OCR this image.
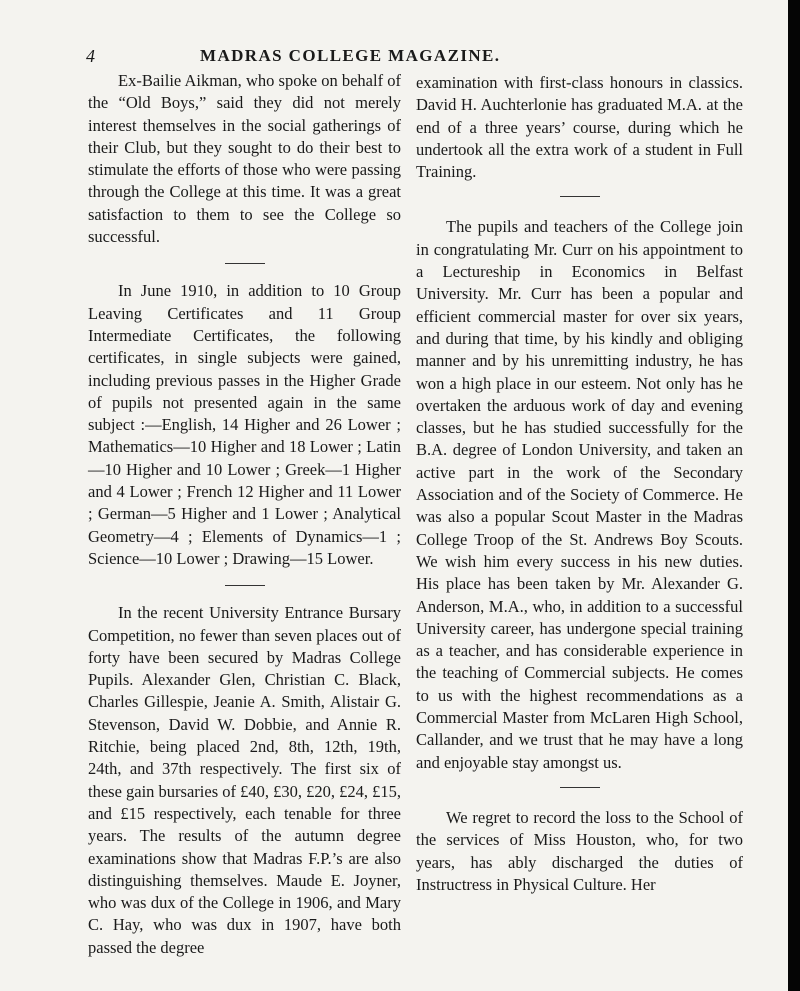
4	MADRAS COLLEGE MAGAZINE.

Ex-Bailie Aikman, who spoke on behalf of the “Old Boys,” said they did not merely interest themselves in the social gatherings of their Club, but they sought to do their best to stimulate the efforts of those who were passing through the College at this time. It was a great satisfaction to them to see the College so successful.

In June 1910, in addition to 10 Group Leaving Certificates and 11 Group Intermediate Certificates, the following certificates, in single subjects were gained, including previous passes in the Higher Grade of pupils not presented again in the same subject :—English, 14 Higher and 26 Lower ; Mathematics—10 Higher and 18 Lower ; Latin—10 Higher and 10 Lower ; Greek—1 Higher and 4 Lower ; French 12 Higher and 11 Lower ; German—5 Higher and 1 Lower ; Analytical Geometry—4 ; Elements of Dynamics—1 ; Science—10 Lower ; Drawing—15 Lower.

In the recent University Entrance Bursary Competition, no fewer than seven places out of forty have been secured by Madras College Pupils. Alexander Glen, Christian C. Black, Charles Gillespie, Jeanie A. Smith, Alistair G. Stevenson, David W. Dobbie, and Annie R. Ritchie, being placed 2nd, 8th, 12th, 19th, 24th, and 37th respectively. The first six of these gain bursaries of £40, £30, £20, £24, £15, and £15 respectively, each tenable for three years. The results of the autumn degree examinations show that Madras F.P.’s are also distinguishing themselves. Maude E. Joyner, who was dux of the College in 1906, and Mary C. Hay, who was dux in 1907, have both passed the degree

examination with first-class honours in classics. David H. Auchterlonie has graduated M.A. at the end of a three years’ course, during which he undertook all the extra work of a student in Full Training.

The pupils and teachers of the College join in congratulating Mr. Curr on his appointment to a Lectureship in Economics in Belfast University. Mr. Curr has been a popular and efficient commercial master for over six years, and during that time, by his kindly and obliging manner and by his unremitting industry, he has won a high place in our esteem. Not only has he overtaken the arduous work of day and evening classes, but he has studied successfully for the B.A. degree of London University, and taken an active part in the work of the Secondary Association and of the Society of Commerce. He was also a popular Scout Master in the Madras College Troop of the St. Andrews Boy Scouts. We wish him every success in his new duties. His place has been taken by Mr. Alexander G. Anderson, M.A., who, in addition to a successful University career, has undergone special training as a teacher, and has considerable experience in the teaching of Commercial subjects. He comes to us with the highest recommendations as a Commercial Master from McLaren High School, Callander, and we trust that he may have a long and enjoyable stay amongst us.

We regret to record the loss to the School of the services of Miss Houston, who, for two years, has ably discharged the duties of Instructress in Physical Culture. Her
